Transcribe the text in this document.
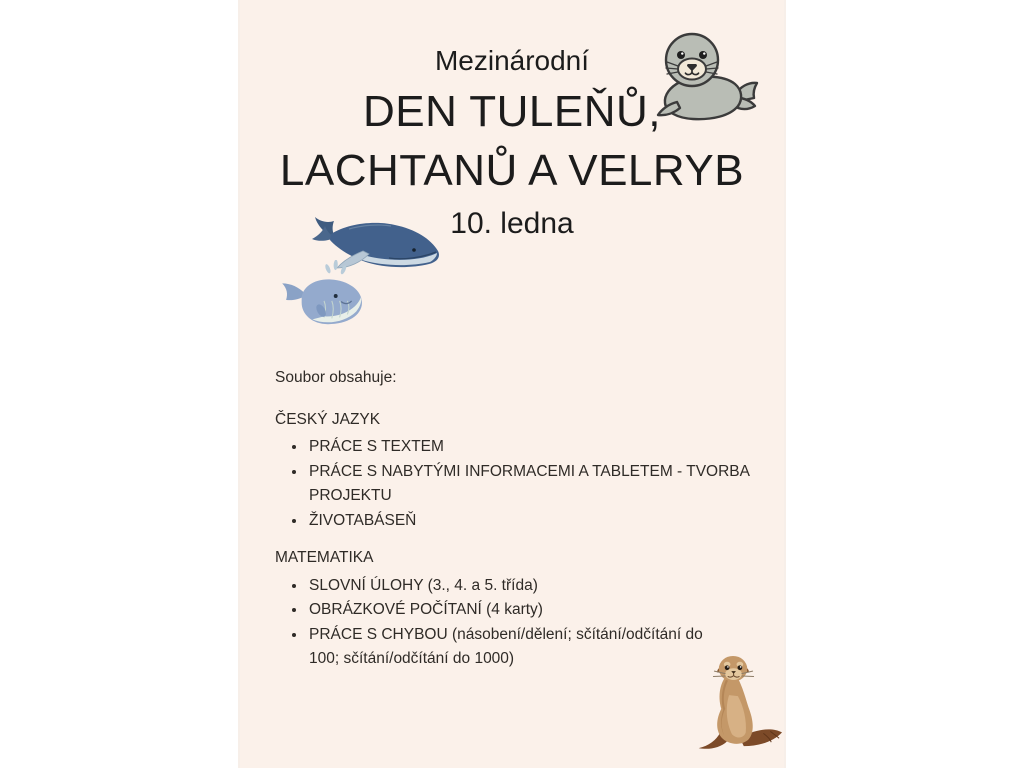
Mezinárodní
DEN TULEŇŮ,
LACHTANŮ A VELRYB
10. ledna

Soubor obsahuje:

ČESKÝ JAZYK
• PRÁCE S TEXTEM
• PRÁCE S NABYTÝMI INFORMACEMI A TABLETEM - TVORBA PROJEKTU
• ŽIVOTABÁSEŇ
MATEMATIKA
• SLOVNÍ ÚLOHY (3., 4. a 5. třída)
• OBRÁZKOVÉ POČÍTANÍ (4 karty)
• PRÁCE S CHYBOU (násobení/dělení; sčítání/odčítání do 100; sčítání/odčítání do 1000)
